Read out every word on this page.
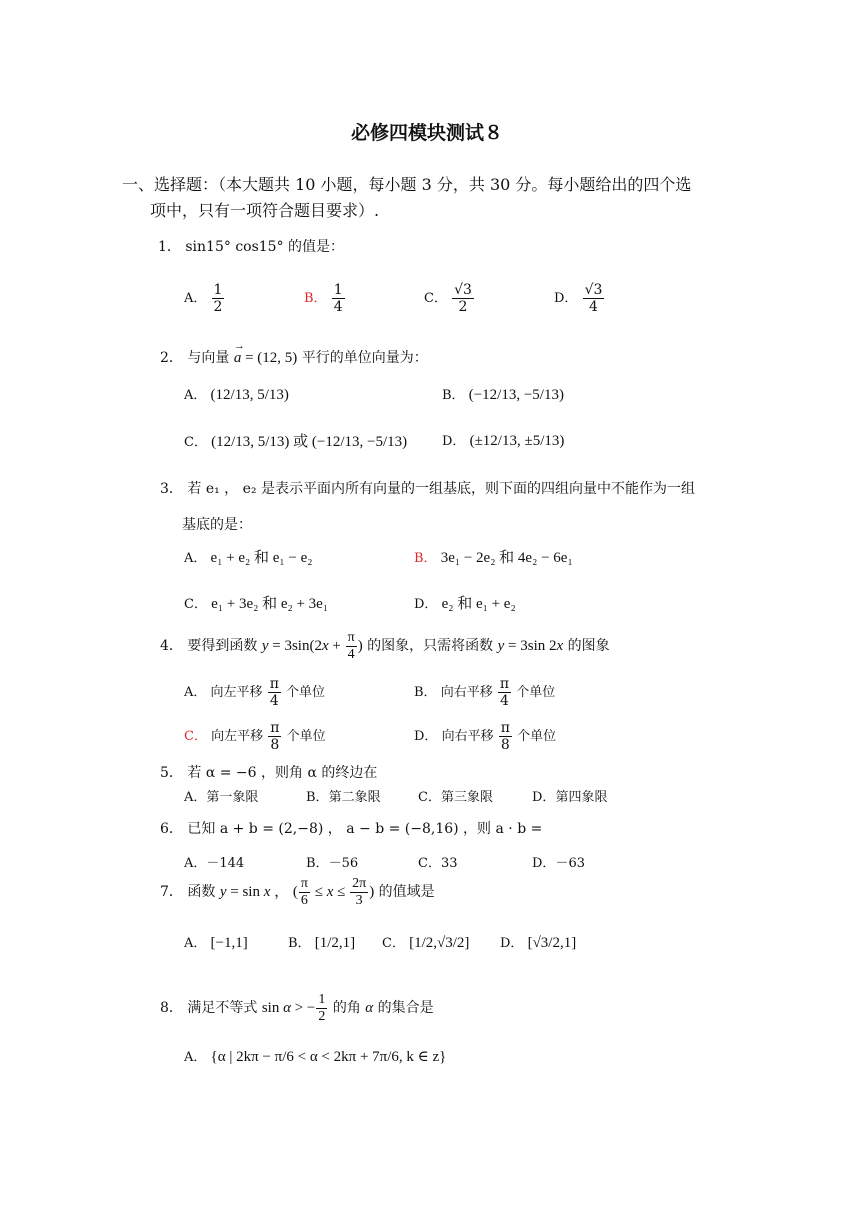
必修四模块测试８
一、选择题：（本大题共 10 小题，每小题 3 分，共 30 分。每小题给出的四个选
项中，只有一项符合题目要求）.
1． sin15° cos15° 的值是：
A． $\frac{1}{2}$	B． $\frac{1}{4}$	C． $\frac{√3}{2}$	D． $\frac{√3}{4}$
2． 与向量 → a = (12, 5) 平行的单位向量为：
A． (12/13, 5/13)	B． (−12/13, −5/13)
C． (12/13, 5/13) 或 (−12/13, −5/13)	D． (±12/13, ±5/13)
3． 若 e₁ ， e₂ 是表示平面内所有向量的一组基底，则下面的四组向量中不能作为一组
基底的是：
A． e₁ + e₂ 和 e₁ − e₂	B． 3e₁ − 2e₂ 和 4e₂ − 6e₁
C． e₁ + 3e₂ 和 e₂ + 3e₁	D． e₂ 和 e₁ + e₂
4． 要得到函数 $y = 3\sin(2x + \frac{\pi}{4}$ ) 的图象，只需将函数 y = 3sin 2x 的图象
A． 向左平移 $\frac{\pi}{4}$ 个单位	B． 向右平移 $\frac{\pi}{4}$ 个单位
C． 向左平移 $\frac{\pi}{8}$ 个单位	D． 向右平移 $\frac{\pi}{8}$ 个单位
5． 若 α = −6 ，则角 α 的终边在
A．第一象限	B．第二象限	C．第三象限	D．第四象限
6． 已知 a + b = (2,−8) ， a − b = (−8,16) ，则 a · b =
A．－144	B．－56	C．33	D．－63
7． 函数 y = sin x ， ( $\frac{\pi}{6} \le x \le \frac{2\pi}{3}$ ) 的值域是
A． [−1,1]	B． [1/2,1] C． [1/2,√3/2] D． [√3/2,1]
8． 满足不等式 sin α > − $\frac{1}{2}$ 的角 α 的集合是
A． {α | 2kπ − π/6 < α < 2kπ + 7π/6, k ∈ z}
